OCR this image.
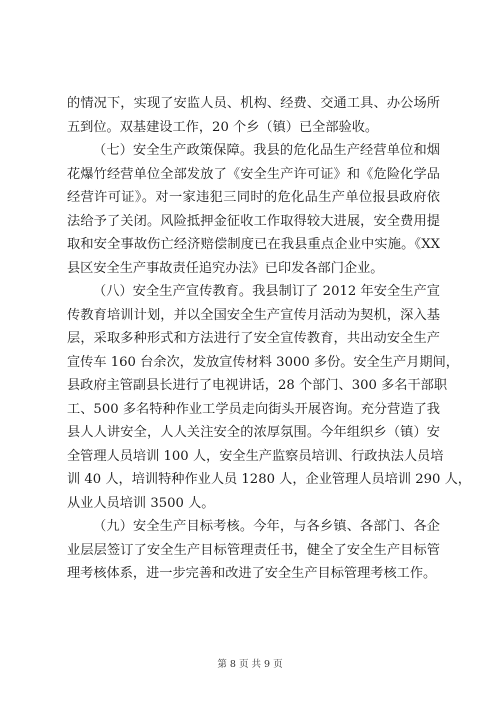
的情况下，实现了安监人员、机构、经费、交通工具、办公场所
五到位。双基建设工作，20 个乡（镇）已全部验收。
（七）安全生产政策保障。我县的危化品生产经营单位和烟
花爆竹经营单位全部发放了《安全生产许可证》和《危险化学品
经营许可证》。对一家违犯三同时的危化品生产单位报县政府依
法给予了关闭。风险抵押金征收工作取得较大进展，安全费用提
取和安全事故伤亡经济赔偿制度已在我县重点企业中实施。《XX
县区安全生产事故责任追究办法》已印发各部门企业。
（八）安全生产宣传教育。我县制订了 2012 年安全生产宣
传教育培训计划，并以全国安全生产宣传月活动为契机，深入基
层，采取多种形式和方法进行了安全宣传教育，共出动安全生产
宣传车 160 台余次，发放宣传材料 3000 多份。安全生产月期间，
县政府主管副县长进行了电视讲话，28 个部门、300 多名干部职
工、500 多名特种作业工学员走向街头开展咨询。充分营造了我
县人人讲安全，人人关注安全的浓厚氛围。今年组织乡（镇）安
全管理人员培训 100 人，安全生产监察员培训、行政执法人员培
训 40 人，培训特种作业人员 1280 人，企业管理人员培训 290 人，
从业人员培训 3500 人。
（九）安全生产目标考核。今年，与各乡镇、各部门、各企
业层层签订了安全生产目标管理责任书，健全了安全生产目标管
理考核体系，进一步完善和改进了安全生产目标管理考核工作。
第 8 页 共 9 页
